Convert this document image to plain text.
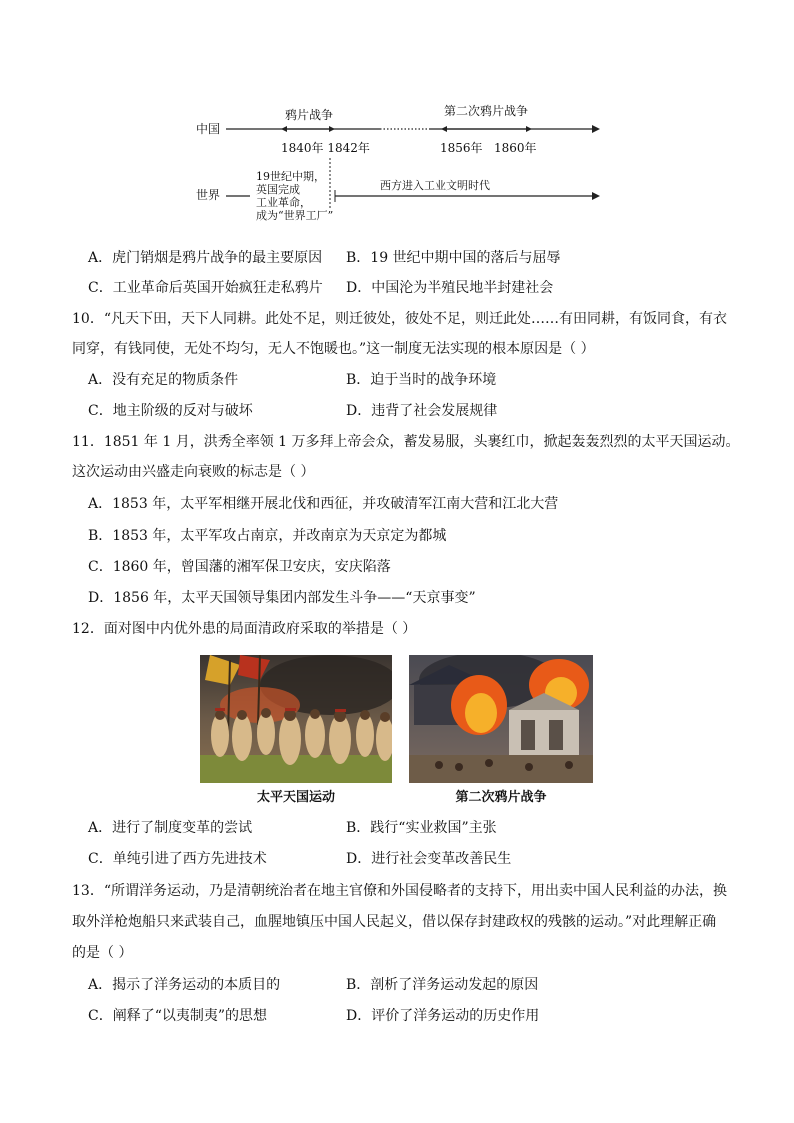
中国
鸦片战争	第二次鸦片战争
1840年 1842年	1856年 1860年
世界
19世纪中期，
英国完成
工业革命，
成为“世界工厂”
西方进入工业文明时代
A．虎门销烟是鸦片战争的最主要原因 B．19 世纪中期中国的落后与屈辱
C．工业革命后英国开始疯狂走私鸦片 D．中国沦为半殖民地半封建社会
10．“凡天下田，天下人同耕。此处不足，则迁彼处，彼处不足，则迁此处……有田同耕，有饭同食，有衣
同穿，有钱同使，无处不均匀，无人不饱暖也。”这一制度无法实现的根本原因是（ ）
A．没有充足的物质条件	B．迫于当时的战争环境
C．地主阶级的反对与破坏	D．违背了社会发展规律
11．1851 年 1 月，洪秀全率领 1 万多拜上帝会众，蓄发易服，头裹红巾，掀起轰轰烈烈的太平天国运动。
这次运动由兴盛走向衰败的标志是（ ）
A．1853 年，太平军相继开展北伐和西征，并攻破清军江南大营和江北大营
B．1853 年，太平军攻占南京，并改南京为天京定为都城
C．1860 年，曾国藩的湘军保卫安庆，安庆陷落
D．1856 年，太平天国领导集团内部发生斗争——“天京事变”
12．面对图中内优外患的局面清政府采取的举措是（ ）
太平天国运动	第二次鸦片战争
A．进行了制度变革的尝试	B．践行“实业救国”主张
C．单纯引进了西方先进技术	D．进行社会变革改善民生
13．“所谓洋务运动，乃是清朝统治者在地主官僚和外国侵略者的支持下，用出卖中国人民利益的办法，换
取外洋枪炮船只来武装自己，血腥地镇压中国人民起义，借以保存封建政权的残骸的运动。”对此理解正确
的是（ ）
A．揭示了洋务运动的本质目的	B．剖析了洋务运动发起的原因
C．阐释了“以夷制夷”的思想	D．评价了洋务运动的历史作用
